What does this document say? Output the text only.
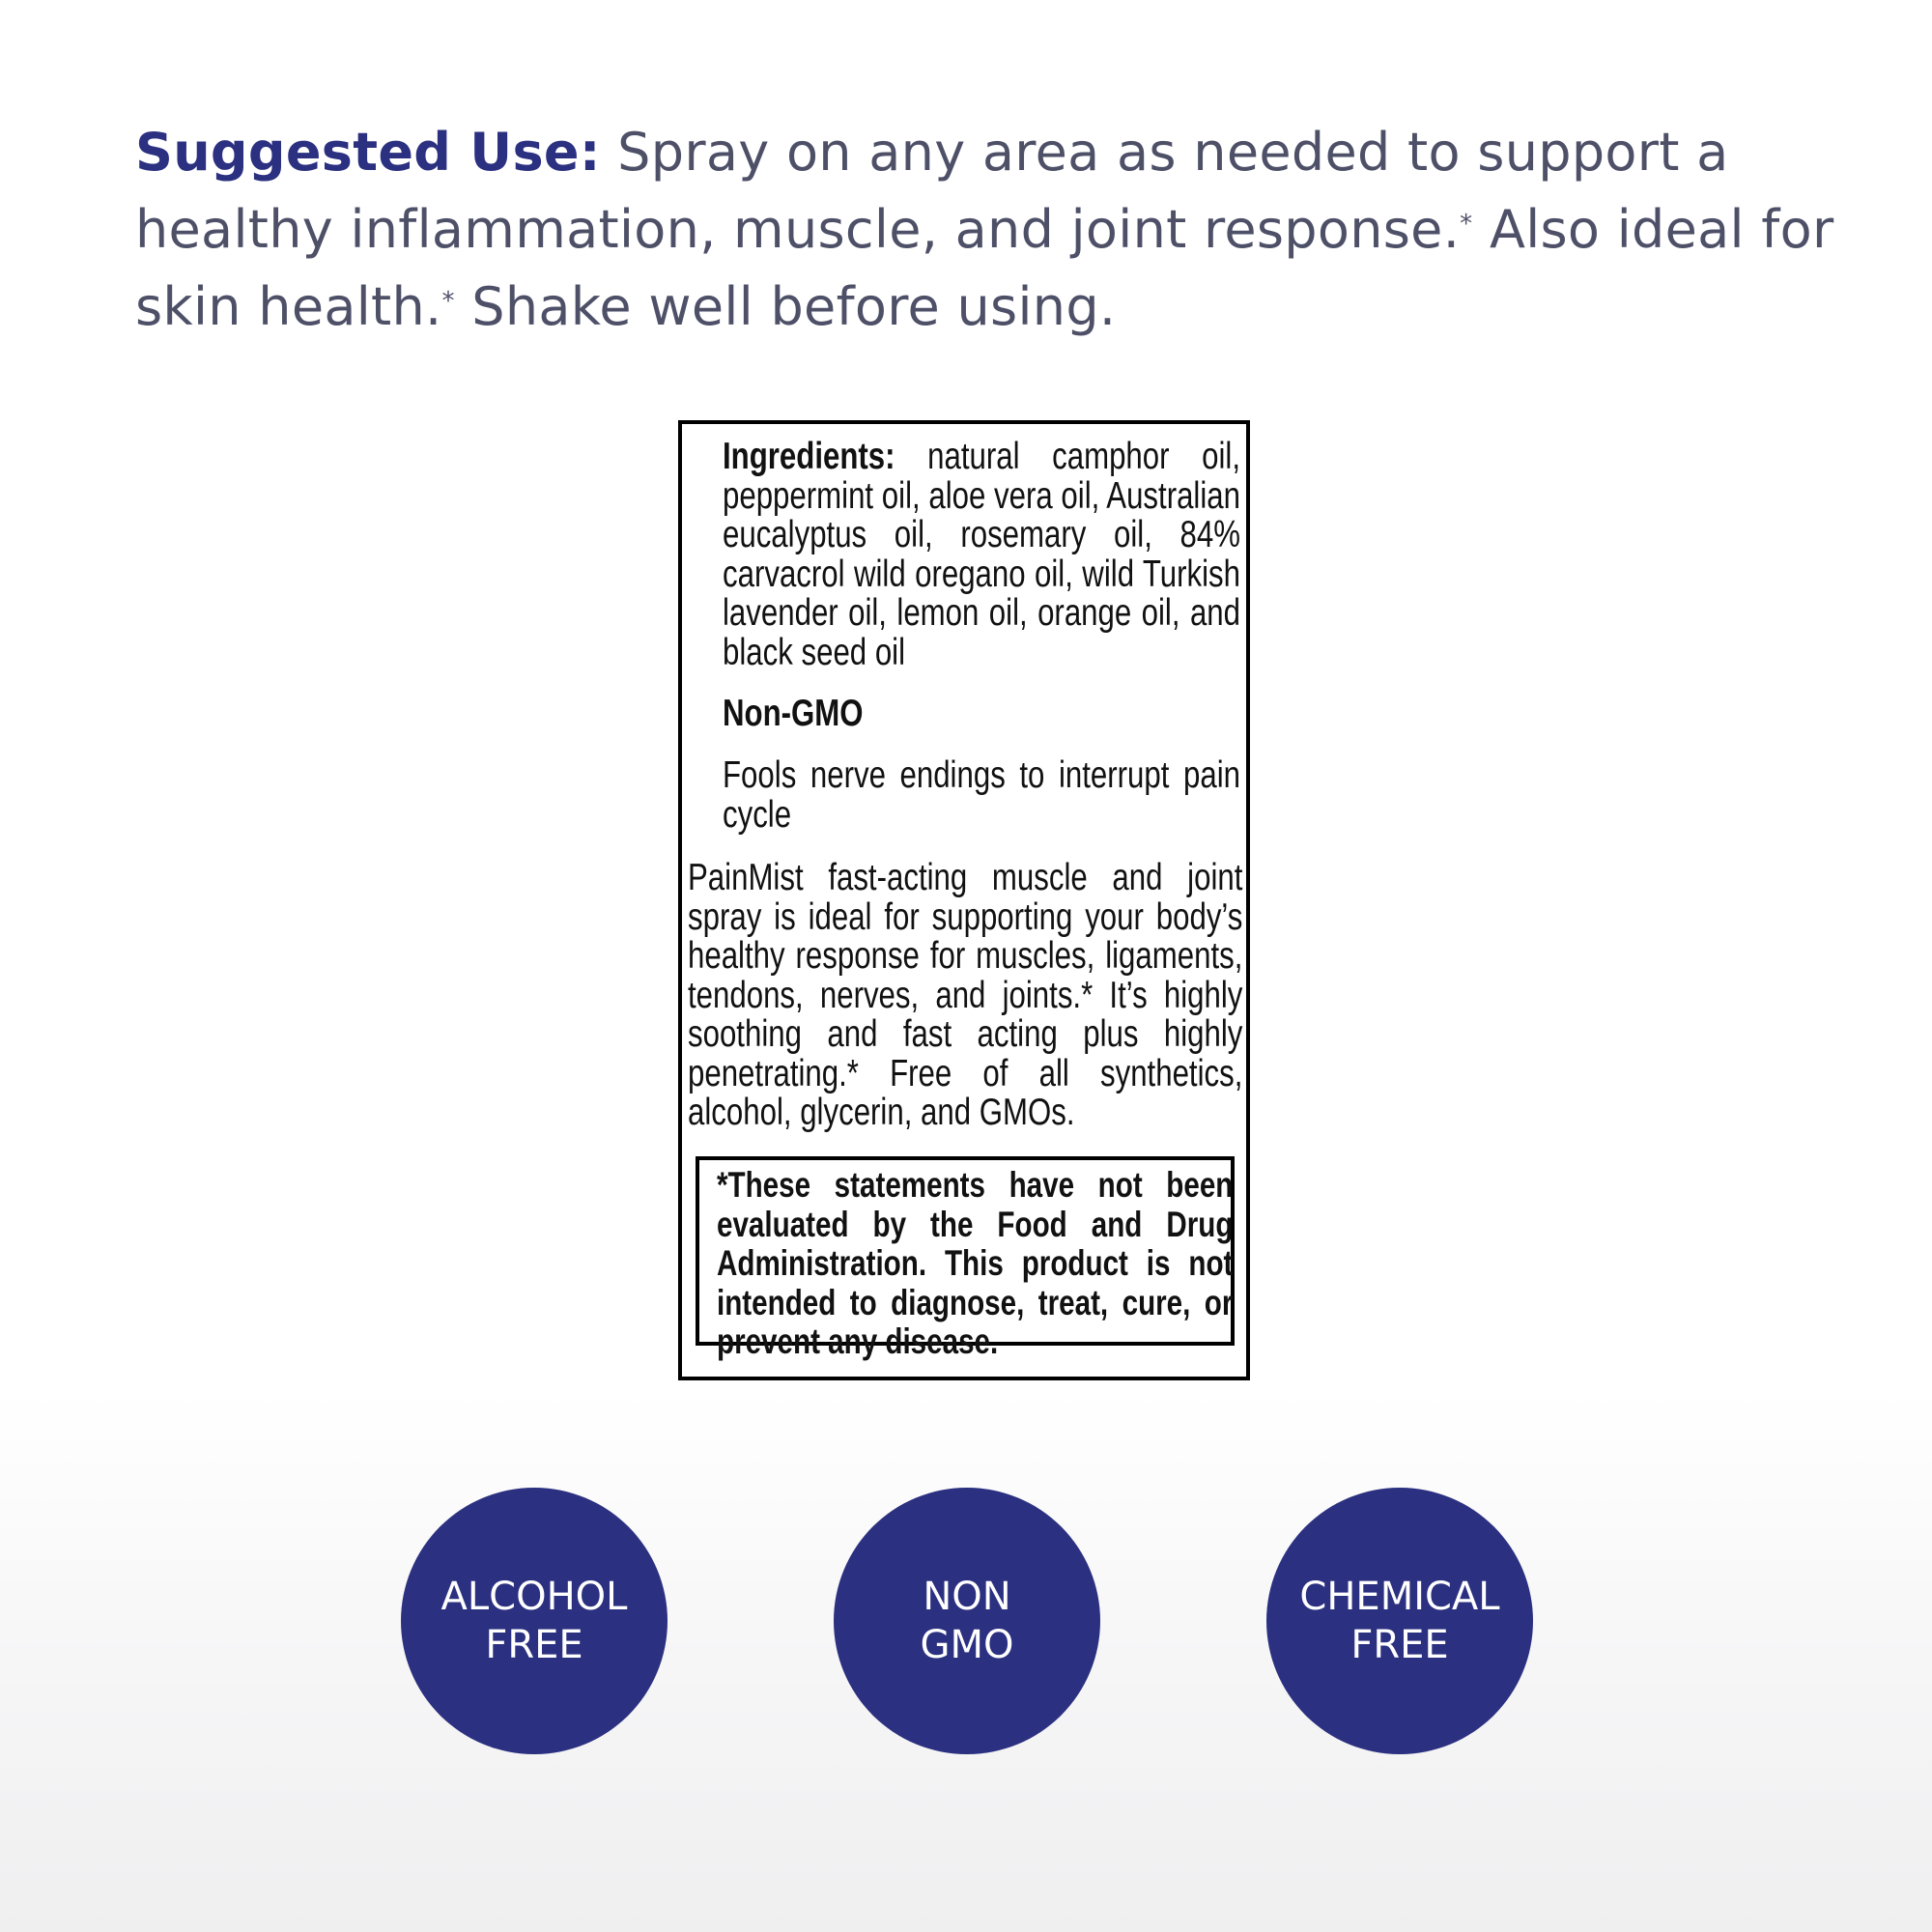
Suggested Use: Spray on any area as needed to support a healthy inflammation, muscle, and joint response.* Also ideal for skin health.* Shake well before using.
Ingredients: natural camphor oil, peppermint oil, aloe vera oil, Australian eucalyptus oil, rosemary oil, 84% carvacrol wild oregano oil, wild Turkish lavender oil, lemon oil, orange oil, and black seed oil
Non-GMO
Fools nerve endings to interrupt pain cycle
PainMist fast-acting muscle and joint spray is ideal for supporting your body’s healthy response for muscles, ligaments, tendons, nerves, and joints.* It’s highly soothing and fast acting plus highly penetrating.* Free of all synthetics, alcohol, glycerin, and GMOs.
*These statements have not been evaluated by the Food and Drug Administration. This product is not intended to diagnose, treat, cure, or prevent any disease.
ALCOHOL
FREE
NON
GMO
CHEMICAL
FREE
